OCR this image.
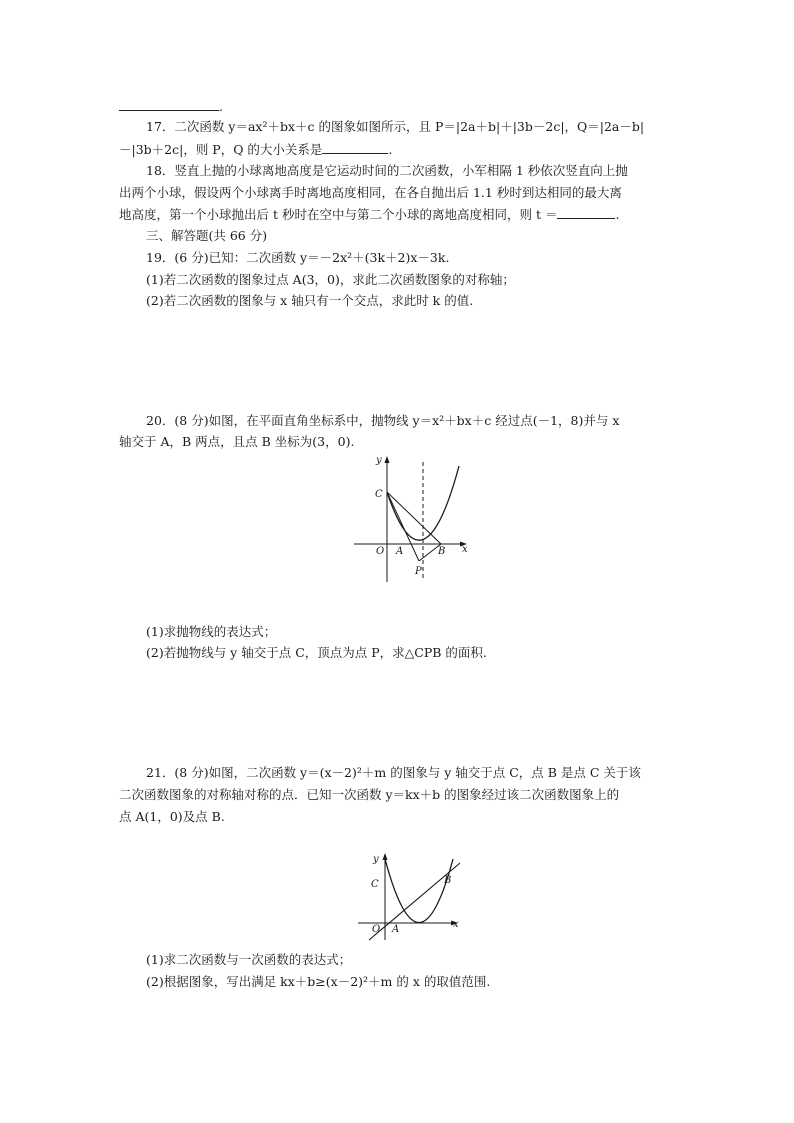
.
17．二次函数 y＝ax²＋bx＋c 的图象如图所示，且 P＝|2a＋b|＋|3b－2c|，Q＝|2a－b|
－|3b＋2c|，则 P，Q 的大小关系是	.
18．竖直上抛的小球离地高度是它运动时间的二次函数，小军相隔 1 秒依次竖直向上抛
出两个小球，假设两个小球离手时离地高度相同，在各自抛出后 1.1 秒时到达相同的最大离
地高度，第一个小球抛出后 t 秒时在空中与第二个小球的离地高度相同，则 t ＝	.
三、解答题(共 66 分)
19．(6 分)已知：二次函数 y＝－2x²＋(3k＋2)x－3k.
(1)若二次函数的图象过点 A(3，0)，求此二次函数图象的对称轴；
(2)若二次函数的图象与 x 轴只有一个交点，求此时 k 的值.
20．(8 分)如图，在平面直角坐标系中，抛物线 y＝x²＋bx＋c 经过点(－1，8)并与 x
轴交于 A，B 两点，且点 B 坐标为(3，0).
y
x
C
O A	B
P
(1)求抛物线的表达式；
(2)若抛物线与 y 轴交于点 C，顶点为点 P，求△CPB 的面积.
21．(8 分)如图，二次函数 y＝(x－2)²＋m 的图象与 y 轴交于点 C，点 B 是点 C 关于该
二次函数图象的对称轴对称的点．已知一次函数 y＝kx＋b 的图象经过该二次函数图象上的
点 A(1，0)及点 B.
y
x
C
O A
B
(1)求二次函数与一次函数的表达式；
(2)根据图象，写出满足 kx＋b≥(x－2)²＋m 的 x 的取值范围.
